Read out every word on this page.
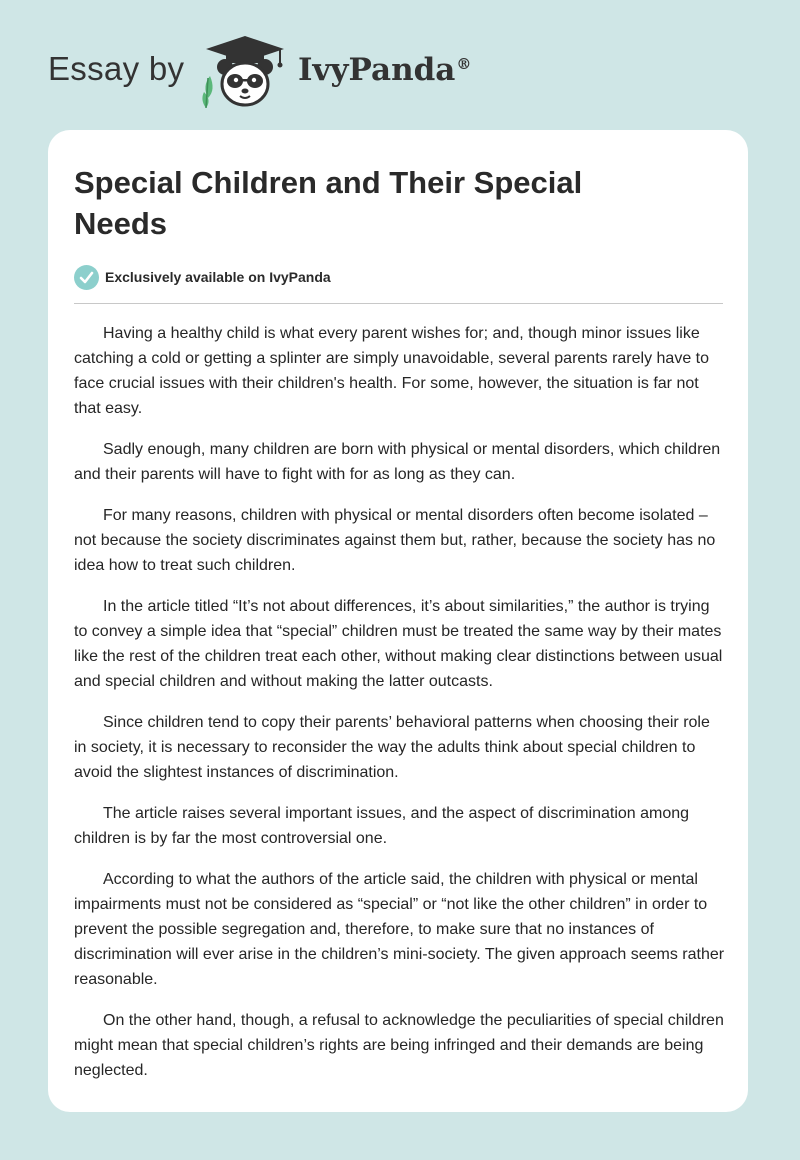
Essay by	IvyPanda®
Special Children and Their Special Needs
Exclusively available on IvyPanda

Having a healthy child is what every parent wishes for; and, though minor issues like catching a cold or getting a splinter are simply unavoidable, several parents rarely have to face crucial issues with their children's health. For some, however, the situation is far not that easy.

Sadly enough, many children are born with physical or mental disorders, which children and their parents will have to fight with for as long as they can.

For many reasons, children with physical or mental disorders often become isolated – not because the society discriminates against them but, rather, because the society has no idea how to treat such children.

In the article titled “It’s not about differences, it’s about similarities,” the author is trying to convey a simple idea that “special” children must be treated the same way by their mates like the rest of the children treat each other, without making clear distinctions between usual and special children and without making the latter outcasts.

Since children tend to copy their parents’ behavioral patterns when choosing their role in society, it is necessary to reconsider the way the adults think about special children to avoid the slightest instances of discrimination.

The article raises several important issues, and the aspect of discrimination among children is by far the most controversial one.

According to what the authors of the article said, the children with physical or mental impairments must not be considered as “special” or “not like the other children” in order to prevent the possible segregation and, therefore, to make sure that no instances of discrimination will ever arise in the children’s mini-society. The given approach seems rather reasonable.

On the other hand, though, a refusal to acknowledge the peculiarities of special children might mean that special children’s rights are being infringed and their demands are being neglected.
